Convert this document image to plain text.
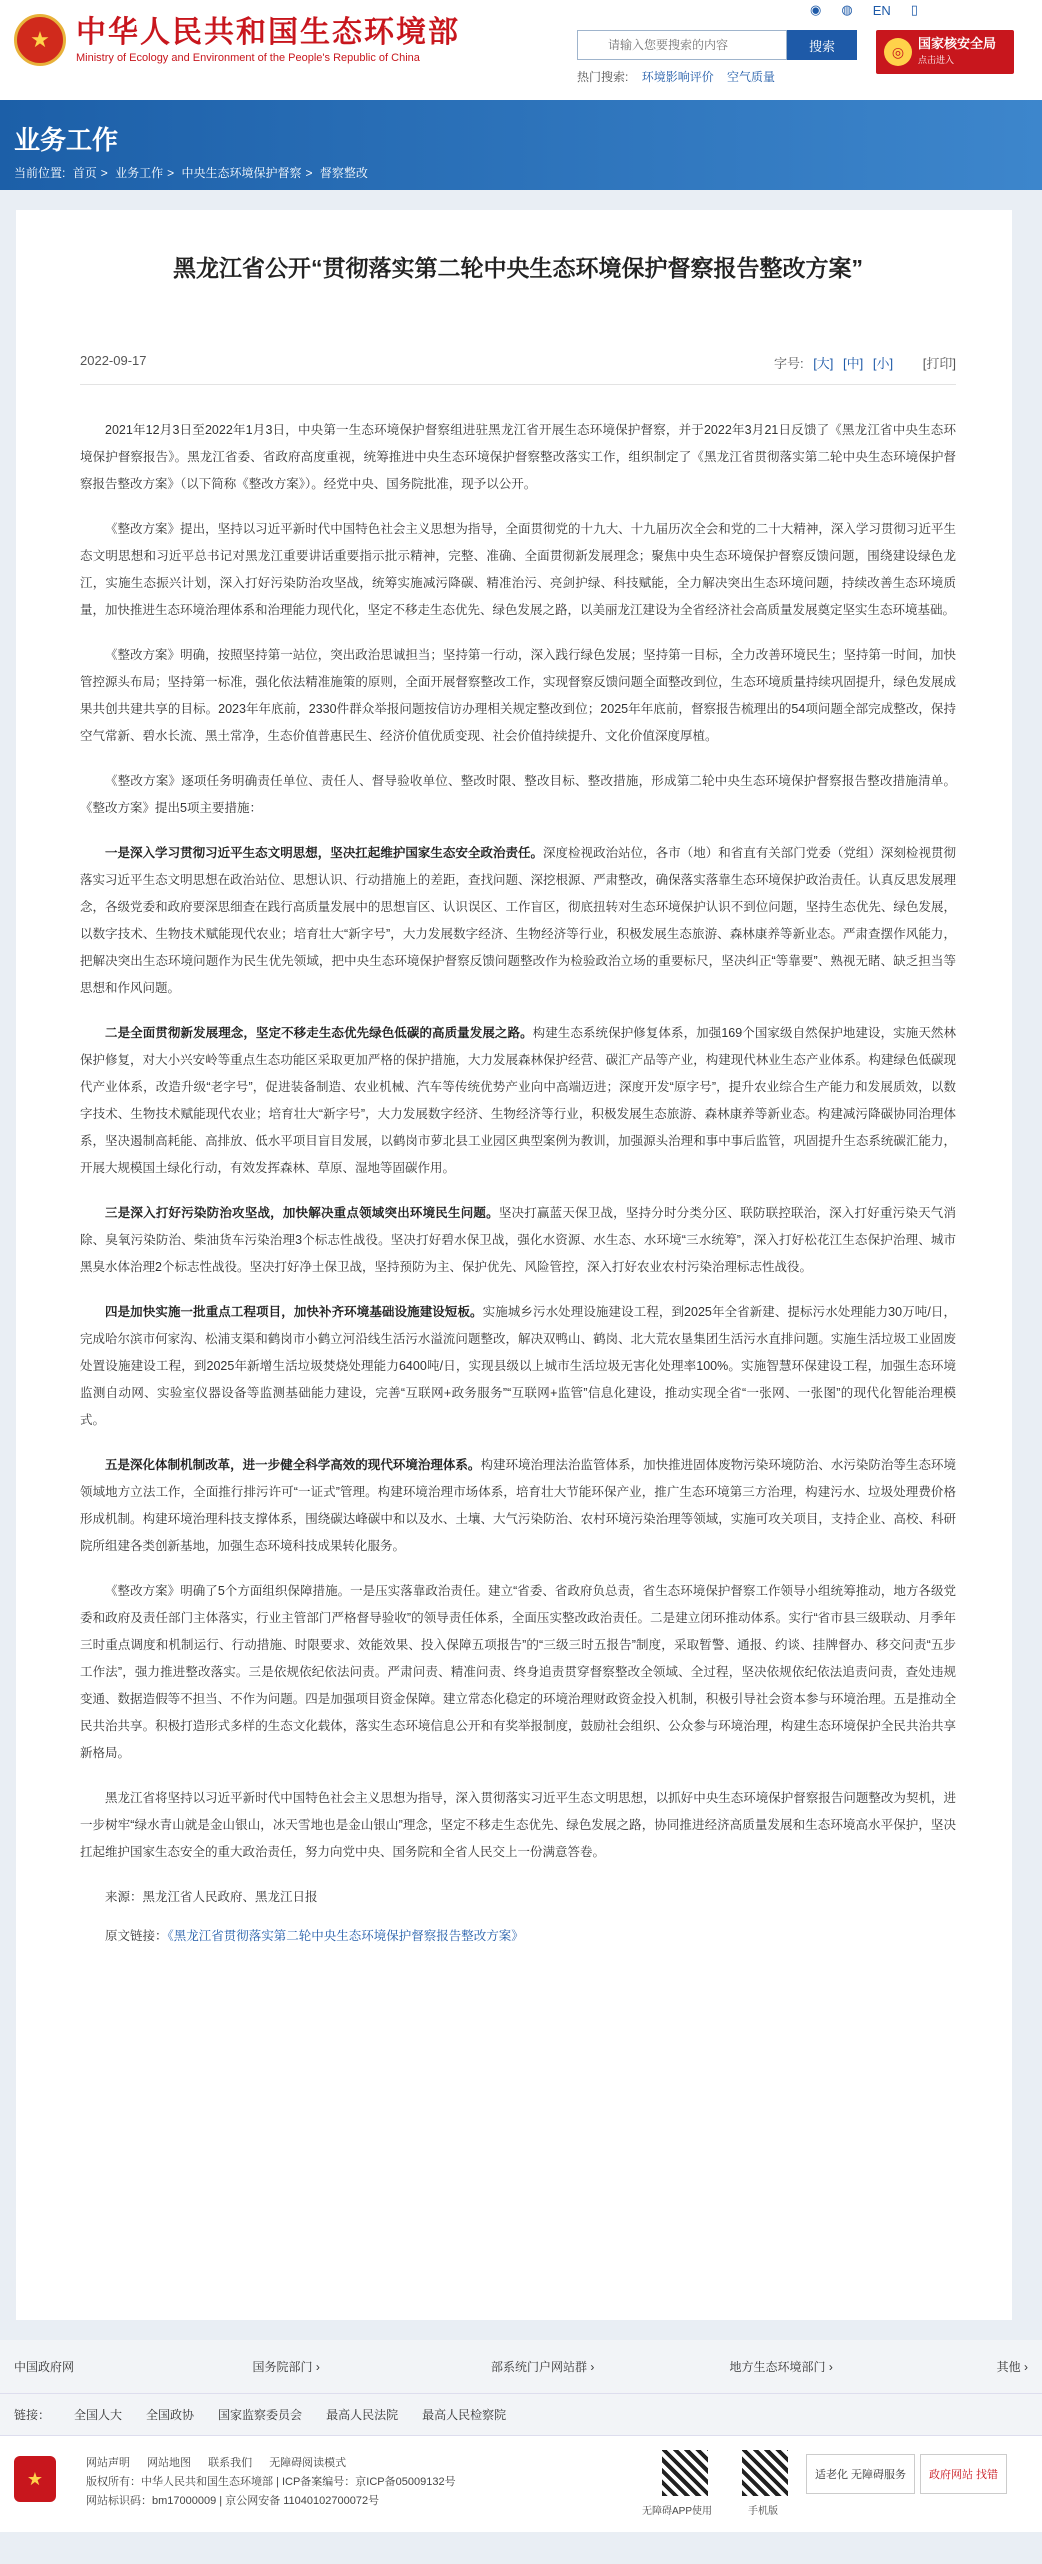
★ 中华人民共和国生态环境部
Ministry of Ecology and Environment of the People's Republic of China
◉ ◍ EN ▯
请输入您要搜索的内容
搜索
热门搜索: 环境影响评价 空气质量
◎	国家核安全局
点击进入
业务工作
当前位置: 首页 > 业务工作 > 中央生态环境保护督察 > 督察整改
黑龙江省公开“贯彻落实第二轮中央生态环境保护督察报告整改方案”
2022-09-17	字号: [大] [中] [小] [打印]

2021年12月3日至2022年1月3日，中央第一生态环境保护督察组进驻黑龙江省开展生态环境保护督察，并于2022年3月21日反馈了《黑龙江省中央生态环境保护督察报告》。黑龙江省委、省政府高度重视，统筹推进中央生态环境保护督察整改落实工作，组织制定了《黑龙江省贯彻落实第二轮中央生态环境保护督察报告整改方案》（以下简称《整改方案》）。经党中央、国务院批准，现予以公开。

《整改方案》提出，坚持以习近平新时代中国特色社会主义思想为指导，全面贯彻党的十九大、十九届历次全会和党的二十大精神，深入学习贯彻习近平生态文明思想和习近平总书记对黑龙江重要讲话重要指示批示精神，完整、准确、全面贯彻新发展理念；聚焦中央生态环境保护督察反馈问题，围绕建设绿色龙江，实施生态振兴计划，深入打好污染防治攻坚战，统筹实施减污降碳、精准治污、亮剑护绿、科技赋能，全力解决突出生态环境问题，持续改善生态环境质量，加快推进生态环境治理体系和治理能力现代化，坚定不移走生态优先、绿色发展之路，以美丽龙江建设为全省经济社会高质量发展奠定坚实生态环境基础。

《整改方案》明确，按照坚持第一站位，突出政治思诚担当；坚持第一行动，深入践行绿色发展；坚持第一目标，全力改善环境民生；坚持第一时间，加快管控源头布局；坚持第一标准，强化依法精准施策的原则，全面开展督察整改工作，实现督察反馈问题全面整改到位，生态环境质量持续巩固提升，绿色发展成果共创共建共享的目标。2023年年底前，2330件群众举报问题按信访办理相关规定整改到位；2025年年底前，督察报告梳理出的54项问题全部完成整改，保持空气常新、碧水长流、黑土常净，生态价值普惠民生、经济价值优质变现、社会价值持续提升、文化价值深度厚植。

《整改方案》逐项任务明确责任单位、责任人、督导验收单位、整改时限、整改目标、整改措施，形成第二轮中央生态环境保护督察报告整改措施清单。《整改方案》提出5项主要措施：

一是深入学习贯彻习近平生态文明思想，坚决扛起维护国家生态安全政治责任。深度检视政治站位，各市（地）和省直有关部门党委（党组）深刻检视贯彻落实习近平生态文明思想在政治站位、思想认识、行动措施上的差距，查找问题、深挖根源、严肃整改，确保落实落靠生态环境保护政治责任。认真反思发展理念，各级党委和政府要深思细查在践行高质量发展中的思想盲区、认识误区、工作盲区，彻底扭转对生态环境保护认识不到位问题，坚持生态优先、绿色发展，以数字技术、生物技术赋能现代农业；培育壮大“新字号”，大力发展数字经济、生物经济等行业，积极发展生态旅游、森林康养等新业态。严肃查摆作风能力，把解决突出生态环境问题作为民生优先领域，把中央生态环境保护督察反馈问题整改作为检验政治立场的重要标尺，坚决纠正“等靠要”、熟视无睹、缺乏担当等思想和作风问题。

二是全面贯彻新发展理念，坚定不移走生态优先绿色低碳的高质量发展之路。构建生态系统保护修复体系，加强169个国家级自然保护地建设，实施天然林保护修复，对大小兴安岭等重点生态功能区采取更加严格的保护措施，大力发展森林保护经营、碳汇产品等产业，构建现代林业生态产业体系。构建绿色低碳现代产业体系，改造升级“老字号”，促进装备制造、农业机械、汽车等传统优势产业向中高端迈进；深度开发“原字号”，提升农业综合生产能力和发展质效，以数字技术、生物技术赋能现代农业；培育壮大“新字号”，大力发展数字经济、生物经济等行业，积极发展生态旅游、森林康养等新业态。构建减污降碳协同治理体系，坚决遏制高耗能、高排放、低水平项目盲目发展，以鹤岗市萝北县工业园区典型案例为教训，加强源头治理和事中事后监管，巩固提升生态系统碳汇能力，开展大规模国土绿化行动，有效发挥森林、草原、湿地等固碳作用。

三是深入打好污染防治攻坚战，加快解决重点领域突出环境民生问题。坚决打赢蓝天保卫战，坚持分时分类分区、联防联控联治，深入打好重污染天气消除、臭氧污染防治、柴油货车污染治理3个标志性战役。坚决打好碧水保卫战，强化水资源、水生态、水环境“三水统筹”，深入打好松花江生态保护治理、城市黑臭水体治理2个标志性战役。坚决打好净土保卫战，坚持预防为主、保护优先、风险管控，深入打好农业农村污染治理标志性战役。

四是加快实施一批重点工程项目，加快补齐环境基础设施建设短板。实施城乡污水处理设施建设工程，到2025年全省新建、提标污水处理能力30万吨/日，完成哈尔滨市何家沟、松浦支渠和鹤岗市小鹤立河沿线生活污水溢流问题整改，解决双鸭山、鹤岗、北大荒农垦集团生活污水直排问题。实施生活垃圾工业固废处置设施建设工程，到2025年新增生活垃圾焚烧处理能力6400吨/日，实现县级以上城市生活垃圾无害化处理率100%。实施智慧环保建设工程，加强生态环境监测自动网、实验室仪器设备等监测基础能力建设，完善“互联网+政务服务”“互联网+监管”信息化建设，推动实现全省“一张网、一张图”的现代化智能治理模式。

五是深化体制机制改革，进一步健全科学高效的现代环境治理体系。构建环境治理法治监管体系，加快推进固体废物污染环境防治、水污染防治等生态环境领域地方立法工作，全面推行排污许可“一证式”管理。构建环境治理市场体系，培育壮大节能环保产业，推广生态环境第三方治理，构建污水、垃圾处理费价格形成机制。构建环境治理科技支撑体系，围绕碳达峰碳中和以及水、土壤、大气污染防治、农村环境污染治理等领域，实施可攻关项目，支持企业、高校、科研院所组建各类创新基地，加强生态环境科技成果转化服务。

《整改方案》明确了5个方面组织保障措施。一是压实落靠政治责任。建立“省委、省政府负总责，省生态环境保护督察工作领导小组统筹推动，地方各级党委和政府及责任部门主体落实，行业主管部门严格督导验收”的领导责任体系，全面压实整改政治责任。二是建立闭环推动体系。实行“省市县三级联动、月季年三时重点调度和机制运行、行动措施、时限要求、效能效果、投入保障五项报告”的“三级三时五报告”制度，采取暂警、通报、约谈、挂牌督办、移交问责“五步工作法”，强力推进整改落实。三是依规依纪依法问责。严肃问责、精准问责、终身追责贯穿督察整改全领域、全过程，坚决依规依纪依法追责问责，查处违规变通、数据造假等不担当、不作为问题。四是加强项目资金保障。建立常态化稳定的环境治理财政资金投入机制，积极引导社会资本参与环境治理。五是推动全民共治共享。积极打造形式多样的生态文化载体，落实生态环境信息公开和有奖举报制度，鼓励社会组织、公众参与环境治理，构建生态环境保护全民共治共享新格局。

黑龙江省将坚持以习近平新时代中国特色社会主义思想为指导，深入贯彻落实习近平生态文明思想，以抓好中央生态环境保护督察报告问题整改为契机，进一步树牢“绿水青山就是金山银山，冰天雪地也是金山银山”理念，坚定不移走生态优先、绿色发展之路，协同推进经济高质量发展和生态环境高水平保护，坚决扛起维护国家生态安全的重大政治责任，努力向党中央、国务院和全省人民交上一份满意答卷。

来源：黑龙江省人民政府、黑龙江日报
原文链接：《黑龙江省贯彻落实第二轮中央生态环境保护督察报告整改方案》
中国政府网	国务院部门 ›	部系统门户网站群 ›	地方生态环境部门 ›	其他 ›
链接： 全国人大 全国政协 国家监察委员会 最高人民法院 最高人民检察院
★
网站声明 网站地图 联系我们 无障碍阅读模式
版权所有：中华人民共和国生态环境部 | ICP备案编号：京ICP备05009132号
网站标识码：bm17000009 | 京公网安备 11040102700072号
无障碍APP使用	手机版
适老化 无障碍服务	政府网站 找错
